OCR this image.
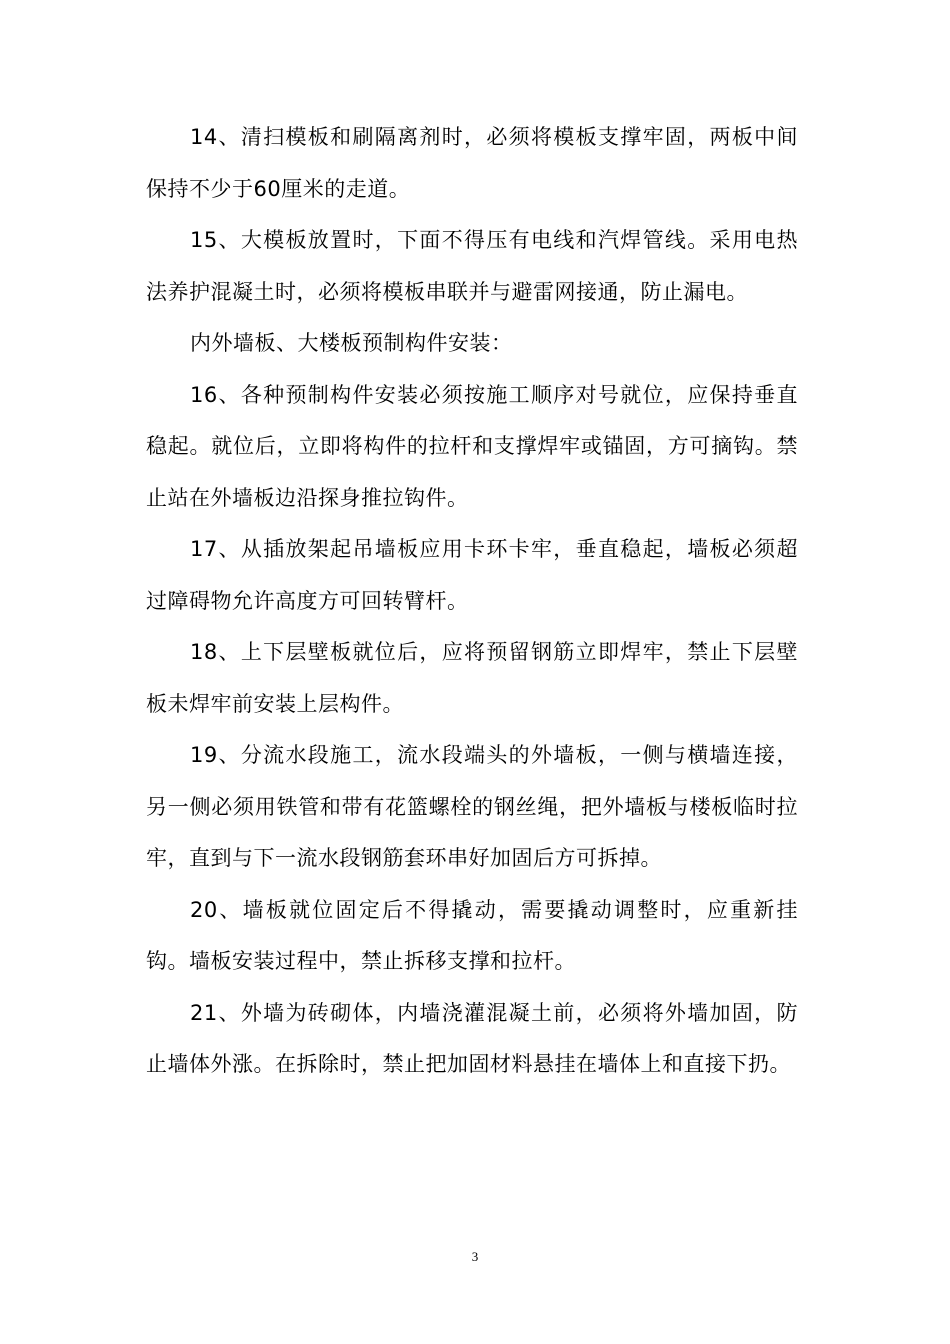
14、清扫模板和刷隔离剂时，必须将模板支撑牢固，两板中间保持不少于60厘米的走道。

15、大模板放置时，下面不得压有电线和汽焊管线。采用电热法养护混凝土时，必须将模板串联并与避雷网接通，防止漏电。

内外墙板、大楼板预制构件安装：

16、各种预制构件安装必须按施工顺序对号就位，应保持垂直稳起。就位后，立即将构件的拉杆和支撑焊牢或锚固，方可摘钩。禁止站在外墙板边沿探身推拉钩件。

17、从插放架起吊墙板应用卡环卡牢，垂直稳起，墙板必须超过障碍物允许高度方可回转臂杆。

18、上下层壁板就位后，应将预留钢筋立即焊牢，禁止下层壁板未焊牢前安装上层构件。

19、分流水段施工，流水段端头的外墙板，一侧与横墙连接，另一侧必须用铁管和带有花篮螺栓的钢丝绳，把外墙板与楼板临时拉牢，直到与下一流水段钢筋套环串好加固后方可拆掉。

20、墙板就位固定后不得撬动，需要撬动调整时，应重新挂钩。墙板安装过程中，禁止拆移支撑和拉杆。

21、外墙为砖砌体，内墙浇灌混凝土前，必须将外墙加固，防止墙体外涨。在拆除时，禁止把加固材料悬挂在墙体上和直接下扔。

3
